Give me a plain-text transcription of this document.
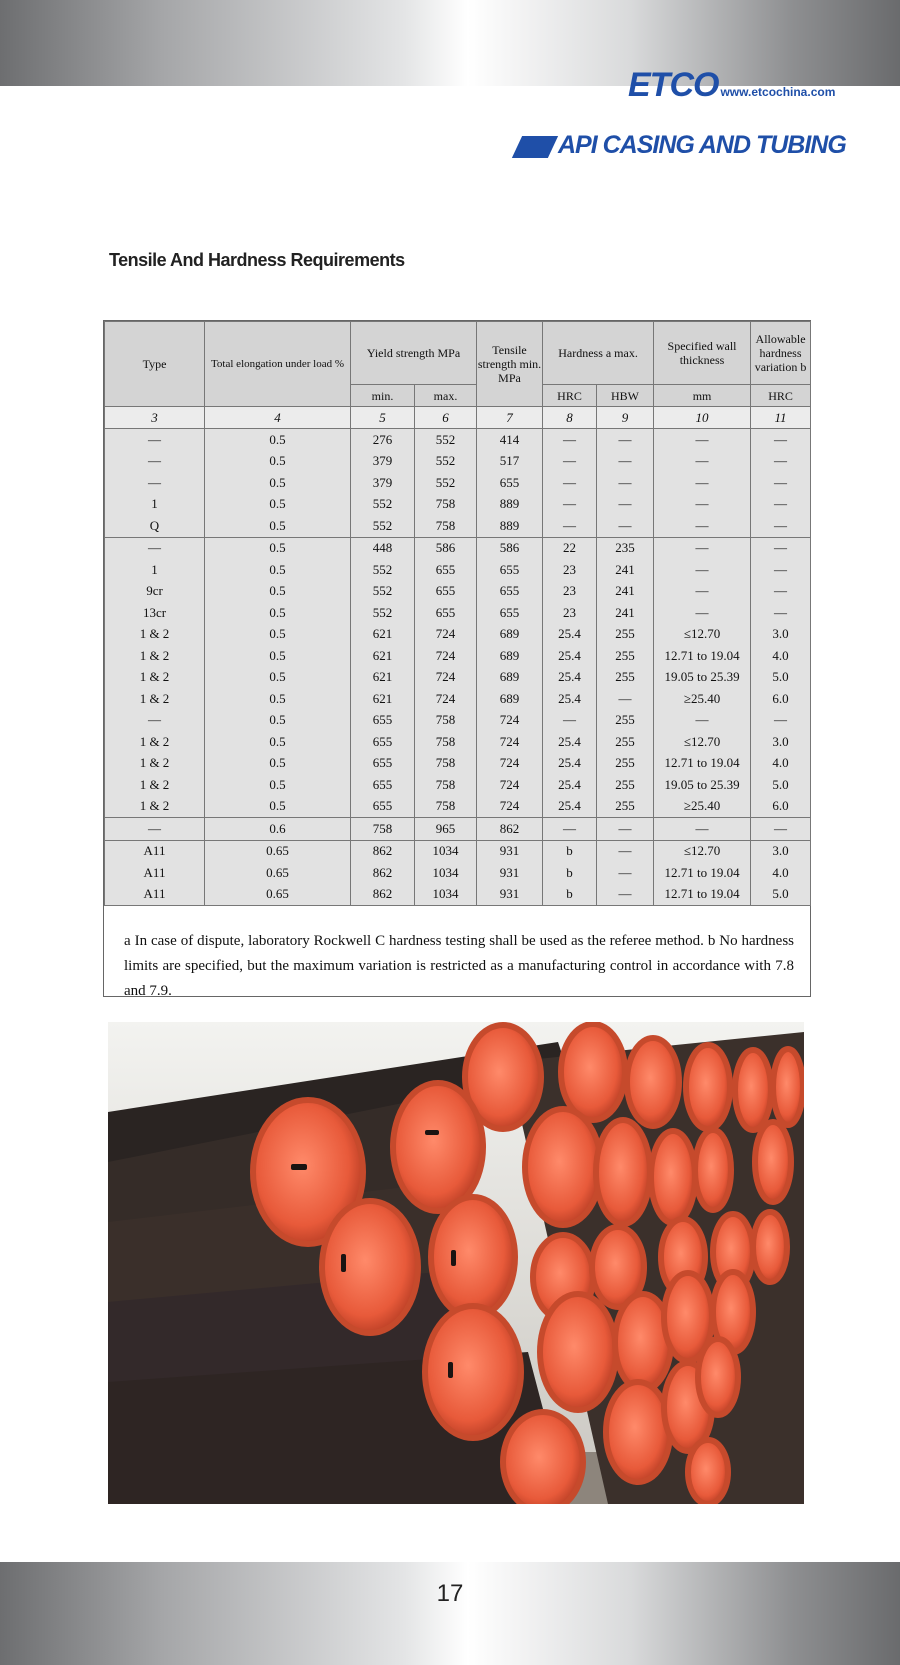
ETCO www.etcochina.com
API CASING AND TUBING
Tensile And Hardness Requirements
Type	Total elongation under load %	Yield strength MPa		Tensile strength min. MPa	Hardness a max.		Specified wall thickness	Allowable hardness variation b
		min.	max.		HRC	HBW	mm	HRC
3	4	5	6	7	8	9	10	11
—	0.5	276	552	414	—	—	—	—
—	0.5	379	552	517	—	—	—	—
—	0.5	379	552	655	—	—	—	—
1	0.5	552	758	889	—	—	—	—
Q	0.5	552	758	889	—	—	—	—
—	0.5	448	586	586	22	235	—	—
1	0.5	552	655	655	23	241	—	—
9cr	0.5	552	655	655	23	241	—	—
13cr	0.5	552	655	655	23	241	—	—
1 & 2	0.5	621	724	689	25.4	255	≤12.70	3.0
1 & 2	0.5	621	724	689	25.4	255	12.71 to 19.04	4.0
1 & 2	0.5	621	724	689	25.4	255	19.05 to 25.39	5.0
1 & 2	0.5	621	724	689	25.4	—	≥25.40	6.0
—	0.5	655	758	724	—	255	—	—
1 & 2	0.5	655	758	724	25.4	255	≤12.70	3.0
1 & 2	0.5	655	758	724	25.4	255	12.71 to 19.04	4.0
1 & 2	0.5	655	758	724	25.4	255	19.05 to 25.39	5.0
1 & 2	0.5	655	758	724	25.4	255	≥25.40	6.0
—	0.6	758	965	862	—	—	—	—
A11	0.65	862	1034	931	b	—	≤12.70	3.0
A11	0.65	862	1034	931	b	—	12.71 to 19.04	4.0
A11	0.65	862	1034	931	b	—	12.71 to 19.04	5.0
a In case of dispute, laboratory Rockwell C hardness testing shall be used as the referee method. b No hardness limits are specified, but the maximum variation is restricted as a manufacturing control in accordance with 7.8 and 7.9.
17
